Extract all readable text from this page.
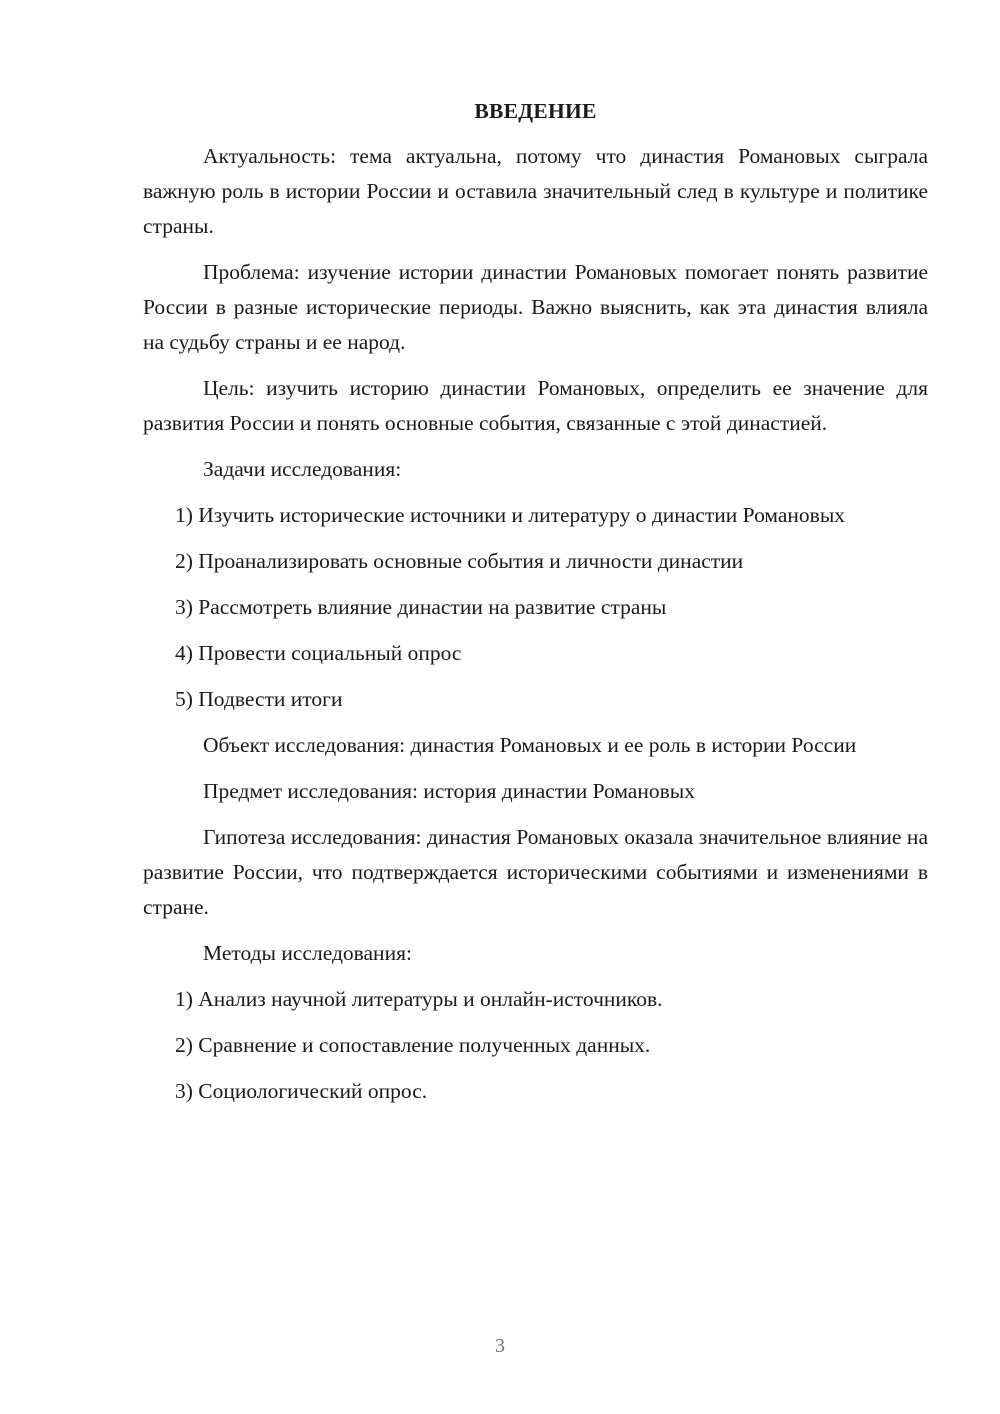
ВВЕДЕНИЕ

Актуальность: тема актуальна, потому что династия Романовых сыграла важную роль в истории России и оставила значительный след в культуре и политике страны.

Проблема: изучение истории династии Романовых помогает понять развитие России в разные исторические периоды. Важно выяснить, как эта династия влияла на судьбу страны и ее народ.

Цель: изучить историю династии Романовых, определить ее значение для развития России и понять основные события, связанные с этой династией.

Задачи исследования:

1) Изучить исторические источники и литературу о династии Романовых

2) Проанализировать основные события и личности династии

3) Рассмотреть влияние династии на развитие страны

4) Провести социальный опрос

5) Подвести итоги

Объект исследования: династия Романовых и ее роль в истории России

Предмет исследования: история династии Романовых

Гипотеза исследования: династия Романовых оказала значительное влияние на развитие России, что подтверждается историческими событиями и изменениями в стране.

Методы исследования:

1) Анализ научной литературы и онлайн-источников.

2) Сравнение и сопоставление полученных данных.

3) Социологический опрос.

3
